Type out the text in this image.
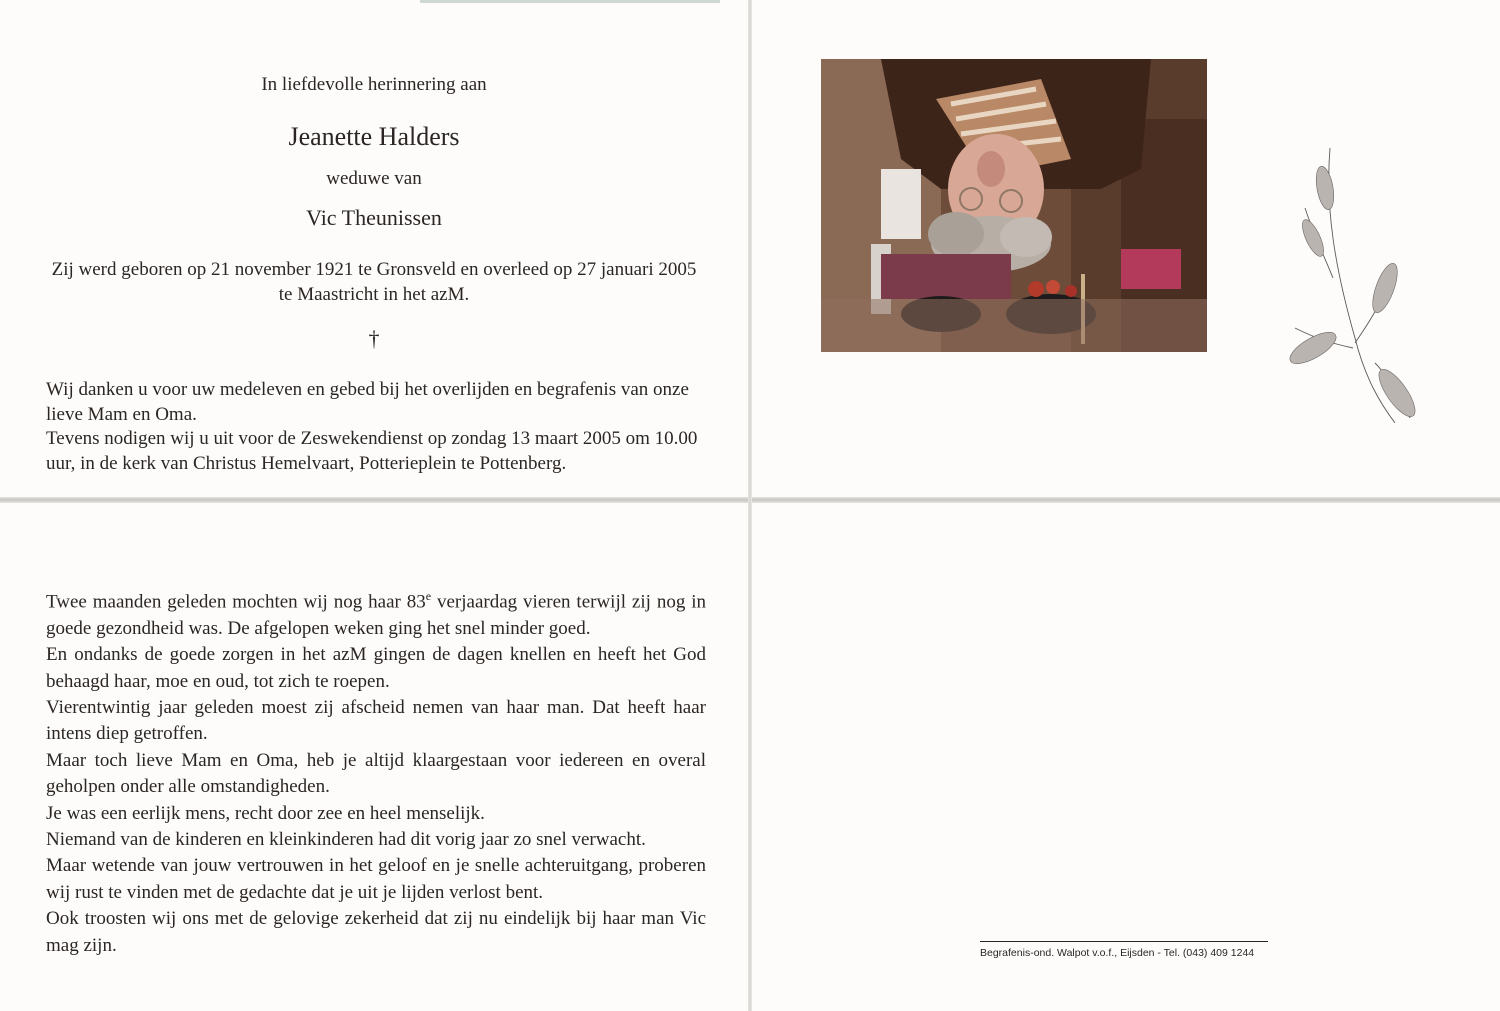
In liefdevolle herinnering aan
Jeanette Halders
weduwe van
Vic Theunissen
Zij werd geboren op 21 november 1921 te Gronsveld en overleed op 27 januari 2005 te Maastricht in het azM.
†
Wij danken u voor uw medeleven en gebed bij het overlijden en begrafenis van onze lieve Mam en Oma.
Tevens nodigen wij u uit voor de Zeswekendienst op zondag 13 maart 2005 om 10.00 uur, in de kerk van Christus Hemelvaart, Potterieplein te Pottenberg.

Twee maanden geleden mochten wij nog haar 83e verjaardag vieren terwijl zij nog in goede gezondheid was. De afgelopen weken ging het snel minder goed.

En ondanks de goede zorgen in het azM gingen de dagen knellen en heeft het God behaagd haar, moe en oud, tot zich te roepen.

Vierentwintig jaar geleden moest zij afscheid nemen van haar man. Dat heeft haar intens diep getroffen.

Maar toch lieve Mam en Oma, heb je altijd klaargestaan voor iedereen en overal geholpen onder alle omstandigheden.

Je was een eerlijk mens, recht door zee en heel menselijk.

Niemand van de kinderen en kleinkinderen had dit vorig jaar zo snel verwacht.

Maar wetende van jouw vertrouwen in het geloof en je snelle achteruitgang, proberen wij rust te vinden met de gedachte dat je uit je lijden verlost bent.

Ook troosten wij ons met de gelovige zekerheid dat zij nu eindelijk bij haar man Vic mag zijn.	Begrafenis-ond. Walpot v.o.f., Eijsden - Tel. (043) 409 1244
